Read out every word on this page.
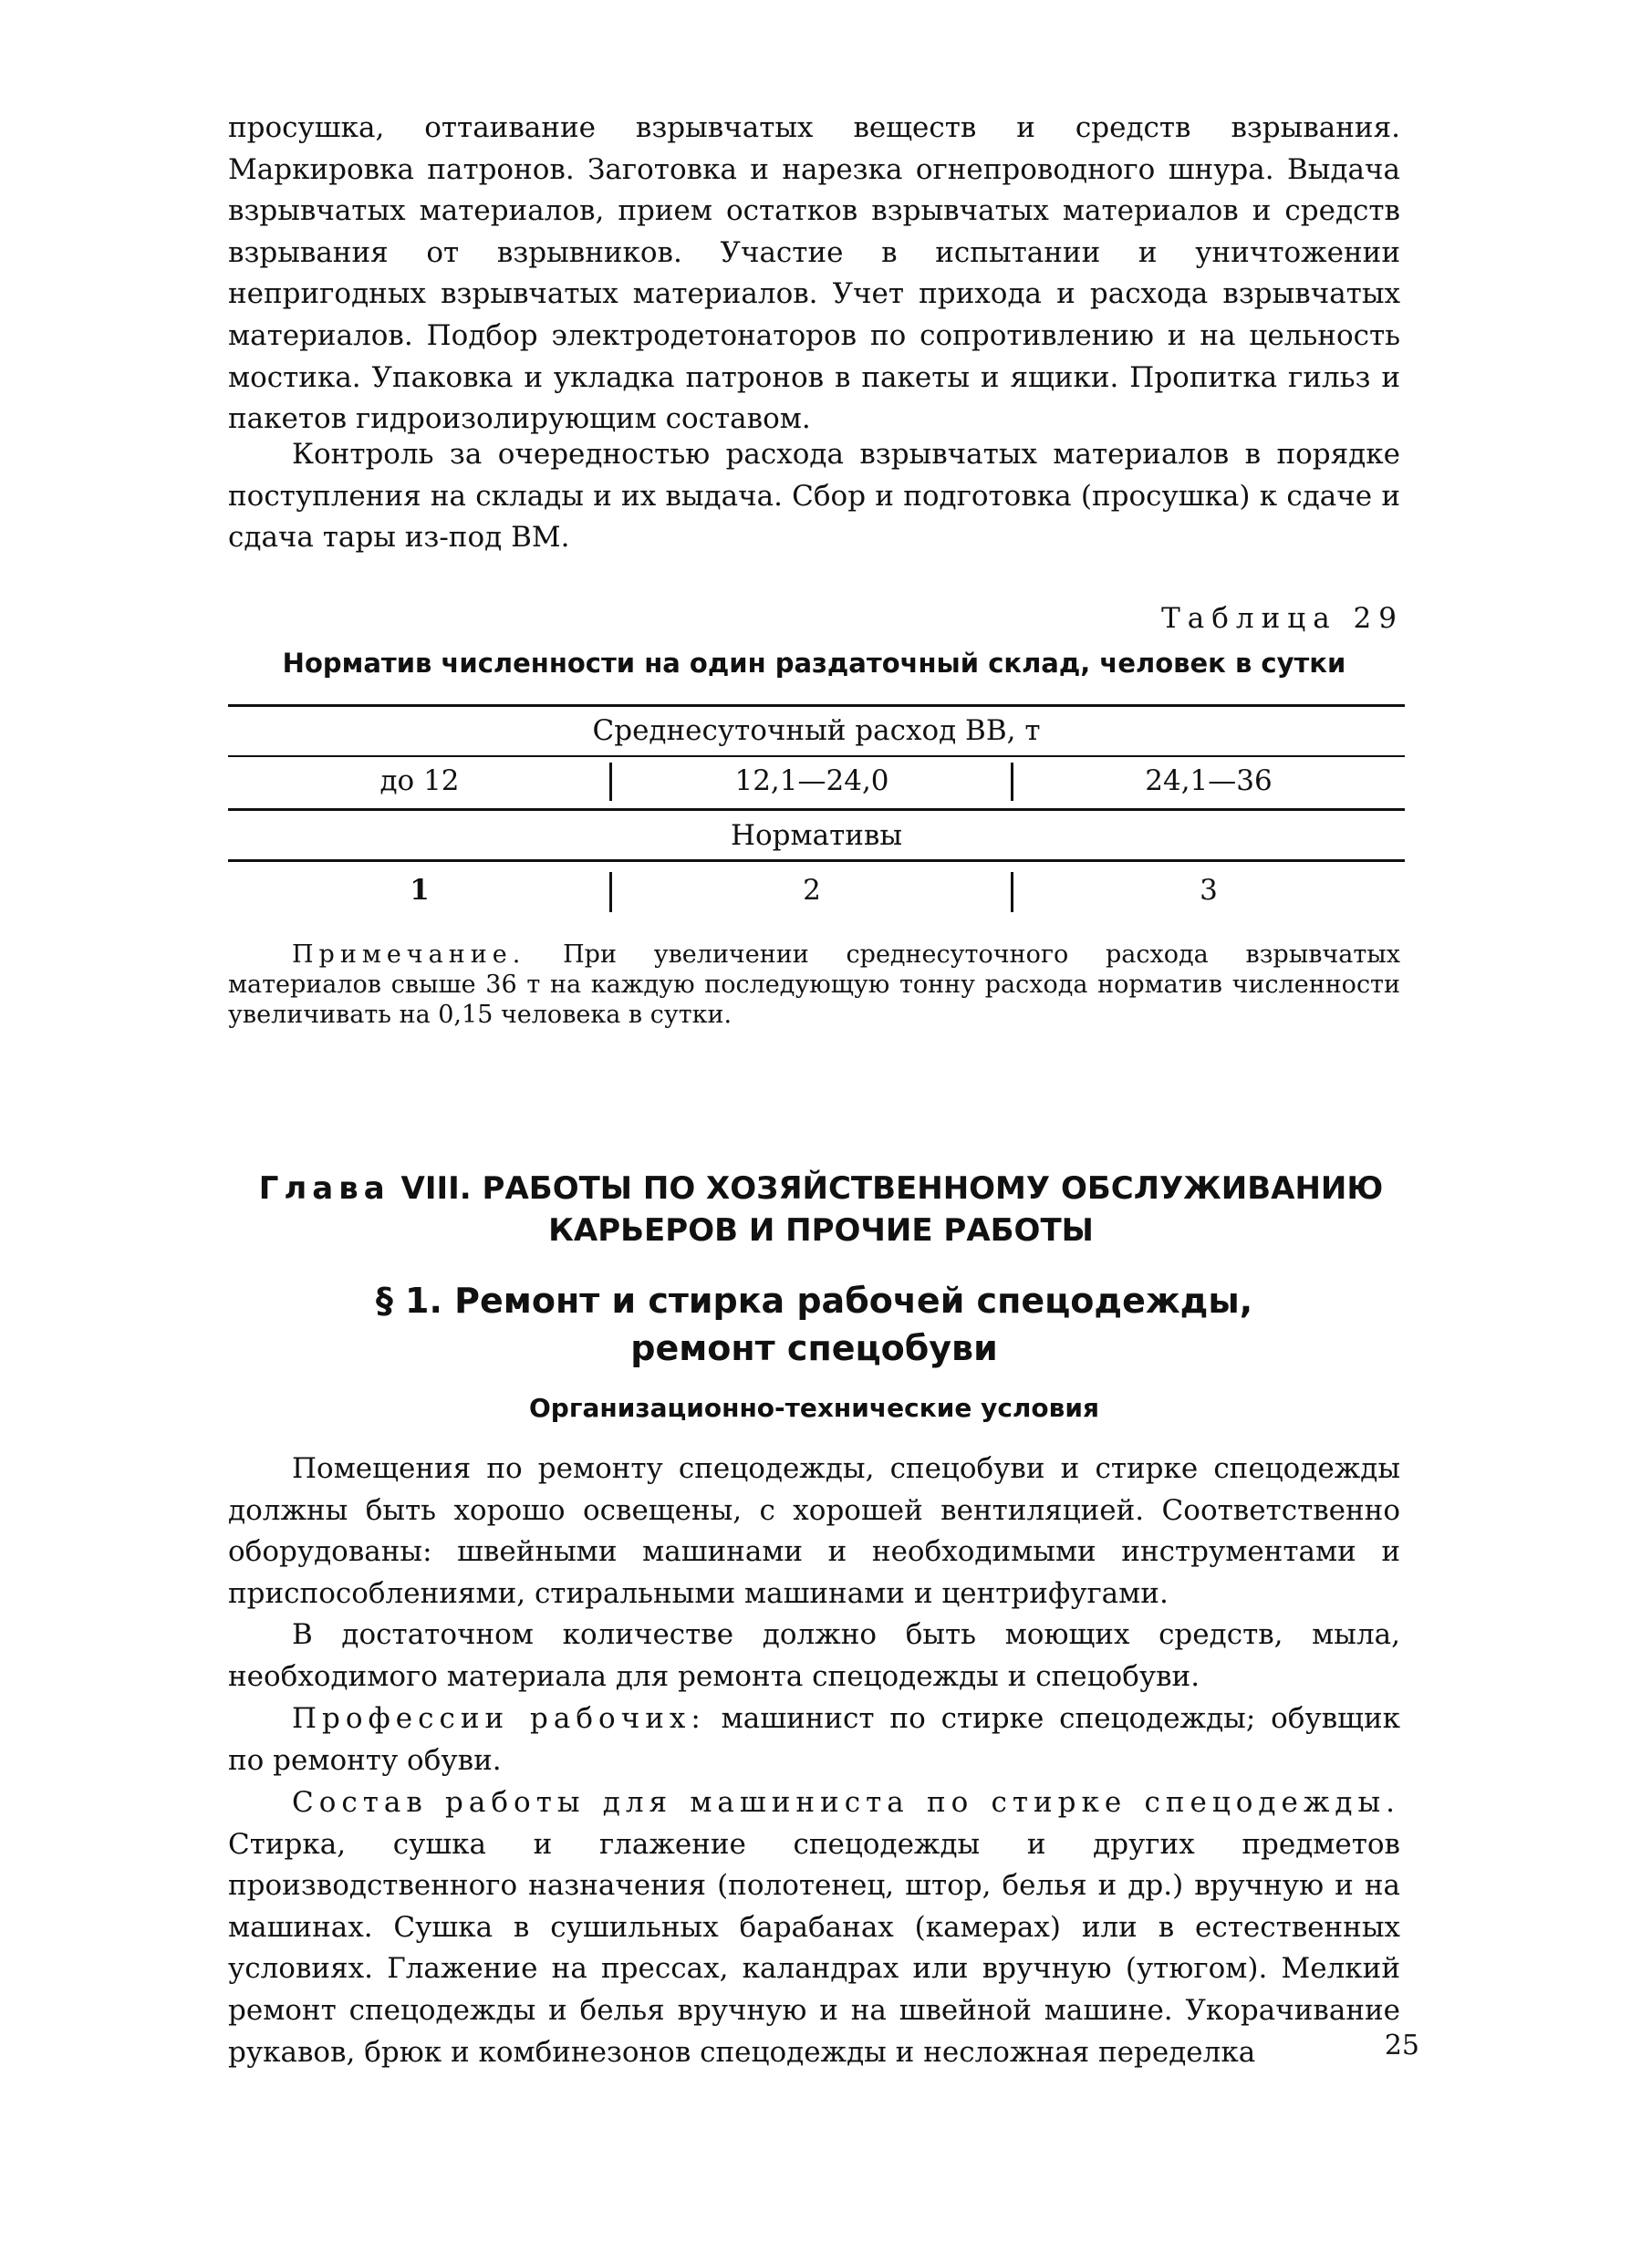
просушка, оттаивание взрывчатых веществ и средств взрывания. Маркировка патронов. Заготовка и нарезка огнепроводного шнура. Выдача взрывчатых материалов, прием остатков взрывчатых материалов и средств взрывания от взрывников. Участие в испытании и уничтожении непригодных взрывчатых материалов. Учет прихода и расхода взрывчатых материалов. Подбор электродетонаторов по сопротивлению и на цельность мостика. Упаковка и укладка патронов в пакеты и ящики. Пропитка гильз и пакетов гидроизолирующим составом.

Контроль за очередностью расхода взрывчатых материалов в порядке поступления на склады и их выдача. Сбор и подготовка (просушка) к сдаче и сдача тары из-под ВМ.

Таблица 29
Норматив численности на один раздаточный склад, человек в сутки
Среднесуточный расход ВВ, т
до 12	12,1—24,0	24,1—36
Нормативы
1	2	3

Примечание. При увеличении среднесуточного расхода взрывчатых материалов свыше 36 т на каждую последующую тонну расхода норматив численности увеличивать на 0,15 человека в сутки.

Глава VIII. РАБОТЫ ПО ХОЗЯЙСТВЕННОМУ ОБСЛУЖИВАНИЮ
КАРЬЕРОВ И ПРОЧИЕ РАБОТЫ
§ 1. Ремонт и стирка рабочей спецодежды,
ремонт спецобуви
Организационно-технические условия

Помещения по ремонту спецодежды, спецобуви и стирке спецодежды должны быть хорошо освещены, с хорошей вентиляцией. Соответственно оборудованы: швейными машинами и необходимыми инструментами и приспособлениями, стиральными машинами и центрифугами.

В достаточном количестве должно быть моющих средств, мыла, необходимого материала для ремонта спецодежды и спецобуви.

Профессии рабочих: машинист по стирке спецодежды; обувщик по ремонту обуви.

Состав работы для машиниста по стирке спецодежды. Стирка, сушка и глажение спецодежды и других предметов производственного назначения (полотенец, штор, белья и др.) вручную и на машинах. Сушка в сушильных барабанах (камерах) или в естественных условиях. Глажение на прессах, каландрах или вручную (утюгом). Мелкий ремонт спецодежды и белья вручную и на швейной машине. Укорачивание рукавов, брюк и комбинезонов спецодежды и несложная переделка	25
